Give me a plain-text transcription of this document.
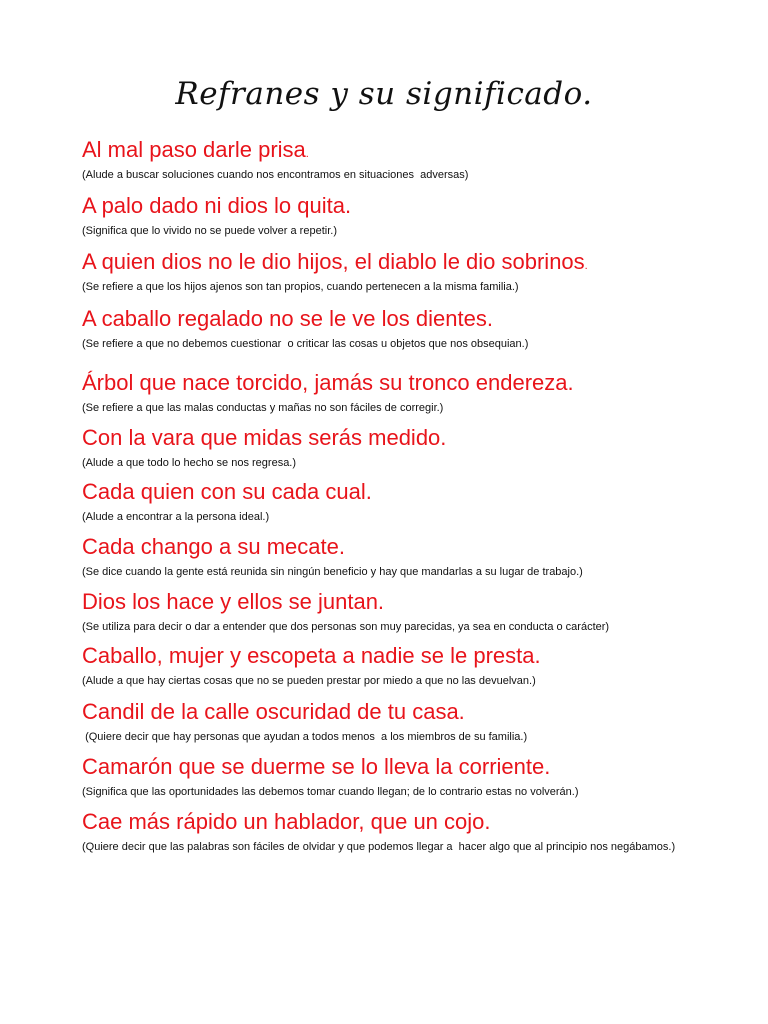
Refranes y su significado.
Al mal paso darle prisa.
(Alude a buscar soluciones cuando nos encontramos en situaciones  adversas)
A palo dado ni dios lo quita.
(Significa que lo vivido no se puede volver a repetir.)
A quien dios no le dio hijos, el diablo le dio sobrinos.
(Se refiere a que los hijos ajenos son tan propios, cuando pertenecen a la misma familia.)
A caballo regalado no se le ve los dientes.
(Se refiere a que no debemos cuestionar  o criticar las cosas u objetos que nos obsequian.)
Árbol que nace torcido, jamás su tronco endereza.
(Se refiere a que las malas conductas y mañas no son fáciles de corregir.)
Con la vara que midas serás medido.
(Alude a que todo lo hecho se nos regresa.)
Cada quien con su cada cual.
(Alude a encontrar a la persona ideal.)
Cada chango a su mecate.
(Se dice cuando la gente está reunida sin ningún beneficio y hay que mandarlas a su lugar de trabajo.)
Dios los hace y ellos se juntan.
(Se utiliza para decir o dar a entender que dos personas son muy parecidas, ya sea en conducta o carácter)
Caballo, mujer y escopeta a nadie se le presta.
(Alude a que hay ciertas cosas que no se pueden prestar por miedo a que no las devuelvan.)
Candil de la calle oscuridad de tu casa.
(Quiere decir que hay personas que ayudan a todos menos  a los miembros de su familia.)
Camarón que se duerme se lo lleva la corriente.
(Significa que las oportunidades las debemos tomar cuando llegan; de lo contrario estas no volverán.)
Cae más rápido un hablador, que un cojo.
(Quiere decir que las palabras son fáciles de olvidar y que podemos llegar a  hacer algo que al principio nos negábamos.)
